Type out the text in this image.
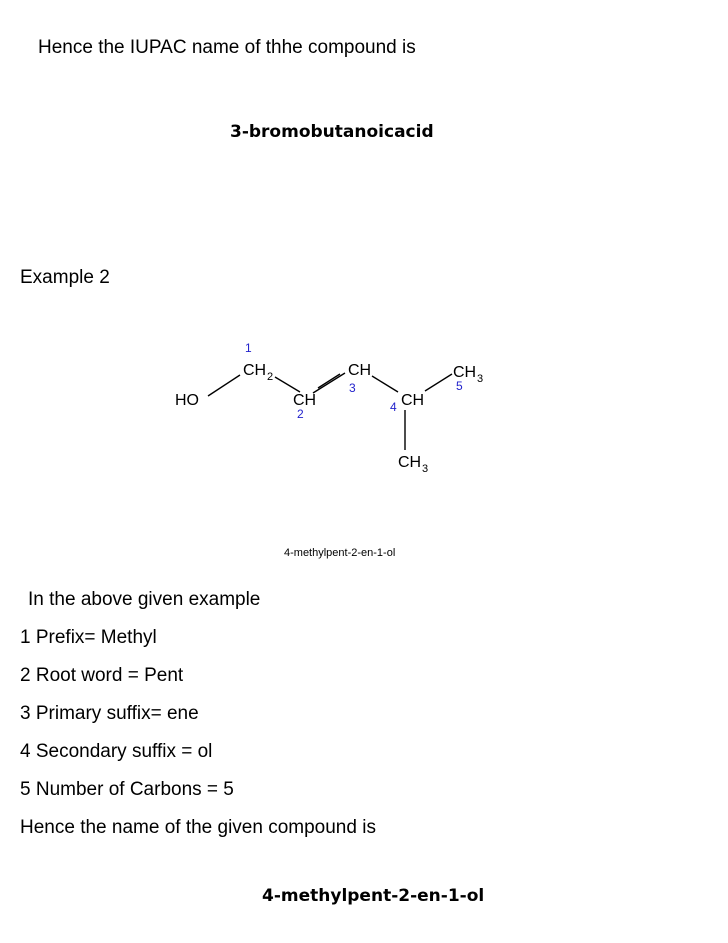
Hence the IUPAC name of thhe compound is
3-bromobutanoicacid
Example 2
HO
CH 2
CH
CH
CH
CH 3
CH 3
1
2
3
4
5
In the above given example
1 Prefix= Methyl
2 Root word = Pent
3 Primary suffix= ene
4 Secondary suffix = ol
5 Number of Carbons = 5
Hence the name of the given compound is
4-methylpent-2-en-1-ol
4-methylpent-2-en-1-ol
